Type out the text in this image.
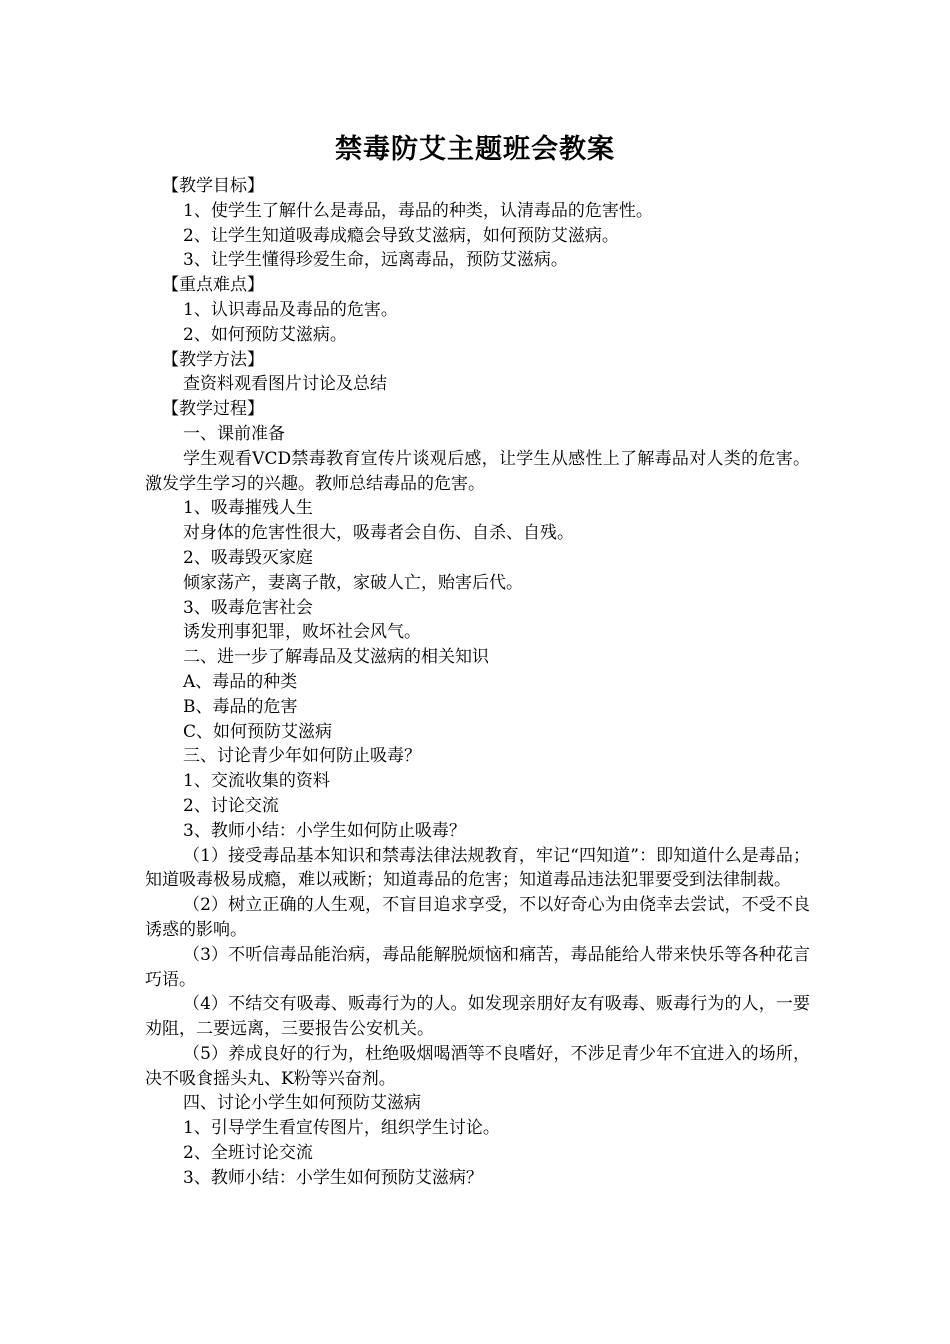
禁毒防艾主题班会教案

【教学目标】

1、使学生了解什么是毒品，毒品的种类，认清毒品的危害性。

2、让学生知道吸毒成瘾会导致艾滋病，如何预防艾滋病。

3、让学生懂得珍爱生命，远离毒品，预防艾滋病。

【重点难点】

1、认识毒品及毒品的危害。

2、如何预防艾滋病。

【教学方法】

查资料观看图片讨论及总结

【教学过程】

一、课前准备

学生观看VCD禁毒教育宣传片谈观后感，让学生从感性上了解毒品对人类的危害。激发学生学习的兴趣。教师总结毒品的危害。

1、吸毒摧残人生

对身体的危害性很大，吸毒者会自伤、自杀、自残。

2、吸毒毁灭家庭

倾家荡产，妻离子散，家破人亡，贻害后代。

3、吸毒危害社会

诱发刑事犯罪，败坏社会风气。

二、进一步了解毒品及艾滋病的相关知识

A、毒品的种类

B、毒品的危害

C、如何预防艾滋病

三、讨论青少年如何防止吸毒？

1、交流收集的资料

2、讨论交流

3、教师小结：小学生如何防止吸毒？

（1）接受毒品基本知识和禁毒法律法规教育，牢记“四知道”：即知道什么是毒品；知道吸毒极易成瘾，难以戒断；知道毒品的危害；知道毒品违法犯罪要受到法律制裁。

（2）树立正确的人生观，不盲目追求享受，不以好奇心为由侥幸去尝试，不受不良诱惑的影响。

（3）不听信毒品能治病，毒品能解脱烦恼和痛苦，毒品能给人带来快乐等各种花言巧语。

（4）不结交有吸毒、贩毒行为的人。如发现亲朋好友有吸毒、贩毒行为的人，一要劝阻，二要远离，三要报告公安机关。

（5）养成良好的行为，杜绝吸烟喝酒等不良嗜好，不涉足青少年不宜进入的场所，决不吸食摇头丸、K粉等兴奋剂。

四、讨论小学生如何预防艾滋病

1、引导学生看宣传图片，组织学生讨论。

2、全班讨论交流

3、教师小结：小学生如何预防艾滋病？
